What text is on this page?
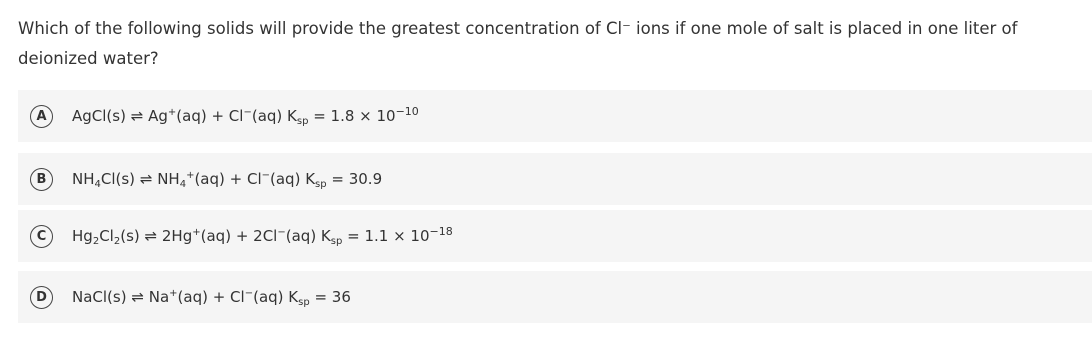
Which of the following solids will provide the greatest concentration of Cl⁻ ions if one mole of salt is placed in one liter of deionized water?

A	AgCl(s) ⇌ Ag+(aq) + Cl−(aq) $K_{sp} = 1.8 \times 10^{-10}$
B	$NH_4Cl(s)$ ⇌ $NH_4^+(aq) + Cl^-(aq) K_{sp} = 30.9$
C	$Hg_2Cl_2(s)$ ⇌ 2Hg+(aq) + 2Cl−(aq) $K_{sp} = 1.1 \times 10^{-18}$
D	NaCl(s) ⇌ Na+(aq) + Cl−(aq) $K_{sp} = 36$
